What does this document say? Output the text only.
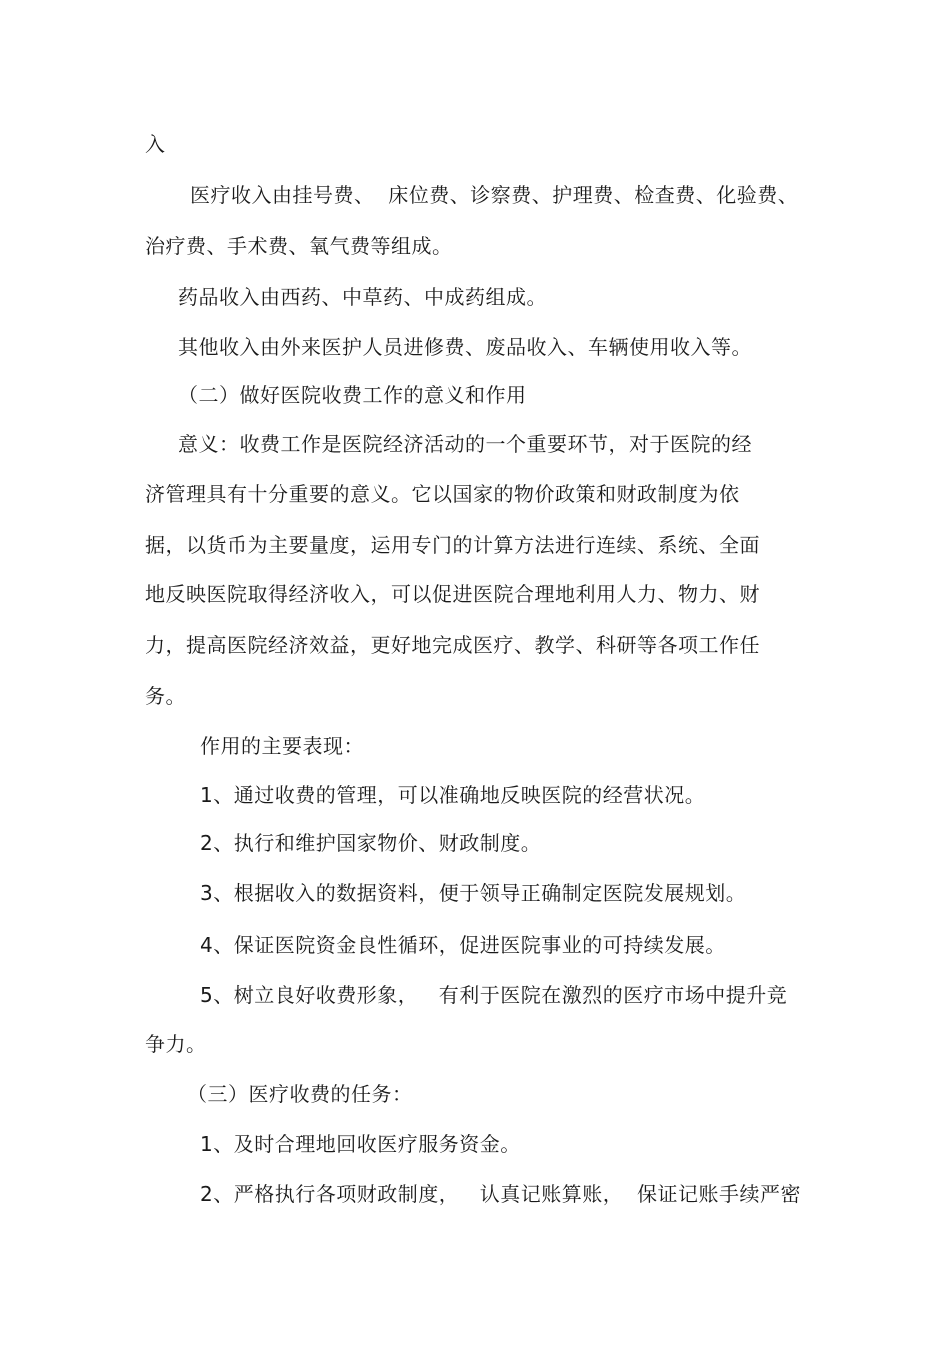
入
医疗收入由挂号费、  床位费、诊察费、护理费、检查费、化验费、
治疗费、手术费、氧气费等组成。
药品收入由西药、中草药、中成药组成。
其他收入由外来医护人员进修费、废品收入、车辆使用收入等。
（二）做好医院收费工作的意义和作用
意义：收费工作是医院经济活动的一个重要环节，对于医院的经
济管理具有十分重要的意义。它以国家的物价政策和财政制度为依
据，以货币为主要量度，运用专门的计算方法进行连续、系统、全面
地反映医院取得经济收入，可以促进医院合理地利用人力、物力、财
力，提高医院经济效益，更好地完成医疗、教学、科研等各项工作任
务。
作用的主要表现：
1、通过收费的管理，可以准确地反映医院的经营状况。
2、执行和维护国家物价、财政制度。
3、根据收入的数据资料，便于领导正确制定医院发展规划。
4、保证医院资金良性循环，促进医院事业的可持续发展。
5、树立良好收费形象，   有利于医院在激烈的医疗市场中提升竞
争力。
（三）医疗收费的任务：
1、及时合理地回收医疗服务资金。
2、严格执行各项财政制度，   认真记账算账，  保证记账手续严密
